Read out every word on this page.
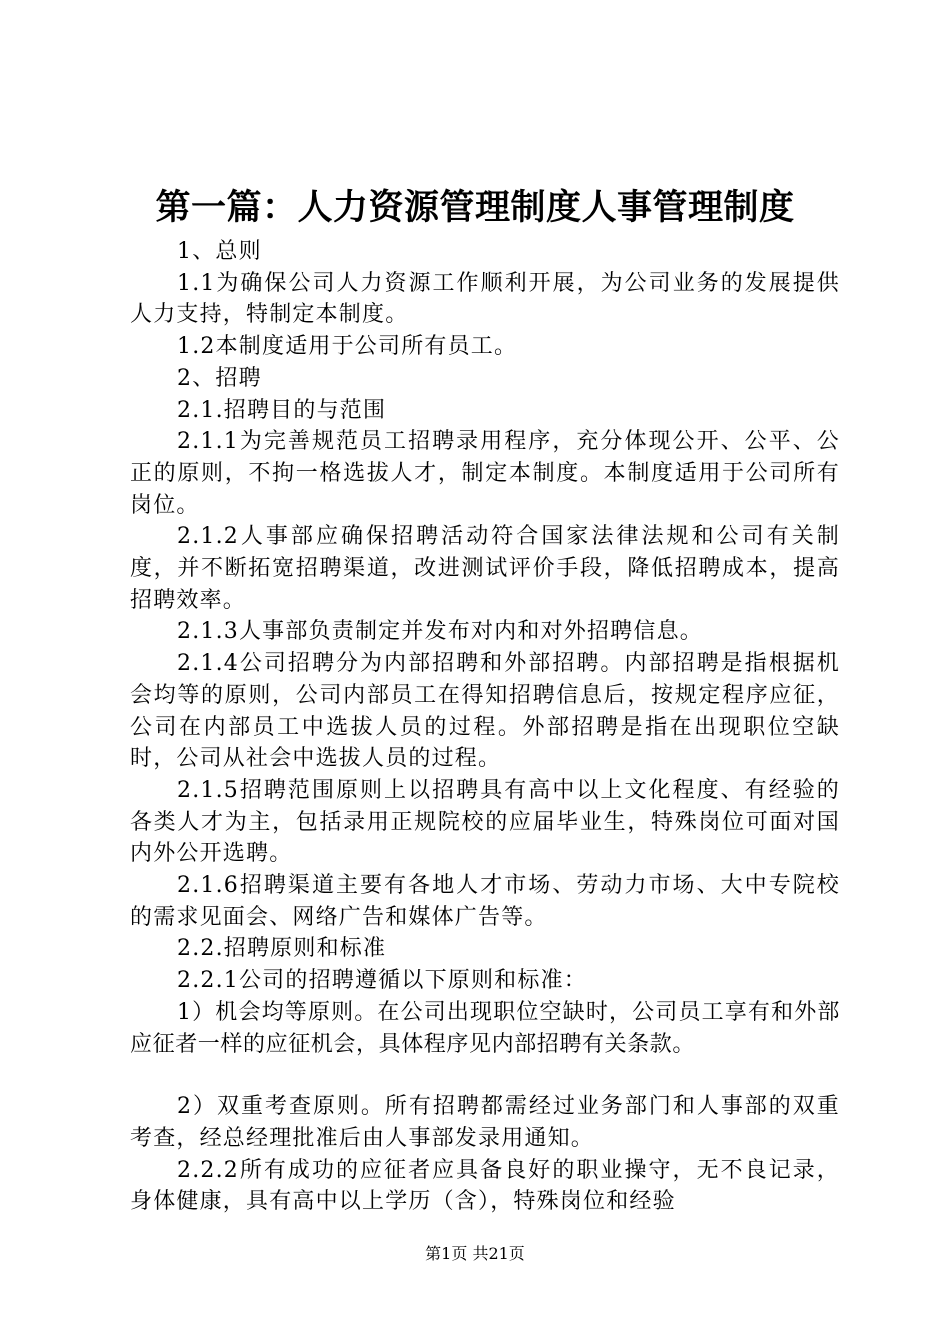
第一篇：人力资源管理制度人事管理制度

1、总则

1.1为确保公司人力资源工作顺利开展，为公司业务的发展提供人力支持，特制定本制度。

1.2本制度适用于公司所有员工。

2、招聘

2.1.招聘目的与范围

2.1.1为完善规范员工招聘录用程序，充分体现公开、公平、公正的原则，不拘一格选拔人才，制定本制度。本制度适用于公司所有岗位。

2.1.2人事部应确保招聘活动符合国家法律法规和公司有关制度，并不断拓宽招聘渠道，改进测试评价手段，降低招聘成本，提高招聘效率。

2.1.3人事部负责制定并发布对内和对外招聘信息。

2.1.4公司招聘分为内部招聘和外部招聘。内部招聘是指根据机会均等的原则，公司内部员工在得知招聘信息后，按规定程序应征，公司在内部员工中选拔人员的过程。外部招聘是指在出现职位空缺时，公司从社会中选拔人员的过程。

2.1.5招聘范围原则上以招聘具有高中以上文化程度、有经验的各类人才为主，包括录用正规院校的应届毕业生，特殊岗位可面对国内外公开选聘。

2.1.6招聘渠道主要有各地人才市场、劳动力市场、大中专院校的需求见面会、网络广告和媒体广告等。

2.2.招聘原则和标准

2.2.1公司的招聘遵循以下原则和标准：

1）机会均等原则。在公司出现职位空缺时，公司员工享有和外部应征者一样的应征机会，具体程序见内部招聘有关条款。

2）双重考查原则。所有招聘都需经过业务部门和人事部的双重考查，经总经理批准后由人事部发录用通知。

2.2.2所有成功的应征者应具备良好的职业操守，无不良记录，身体健康，具有高中以上学历（含），特殊岗位和经验

第1页 共21页
